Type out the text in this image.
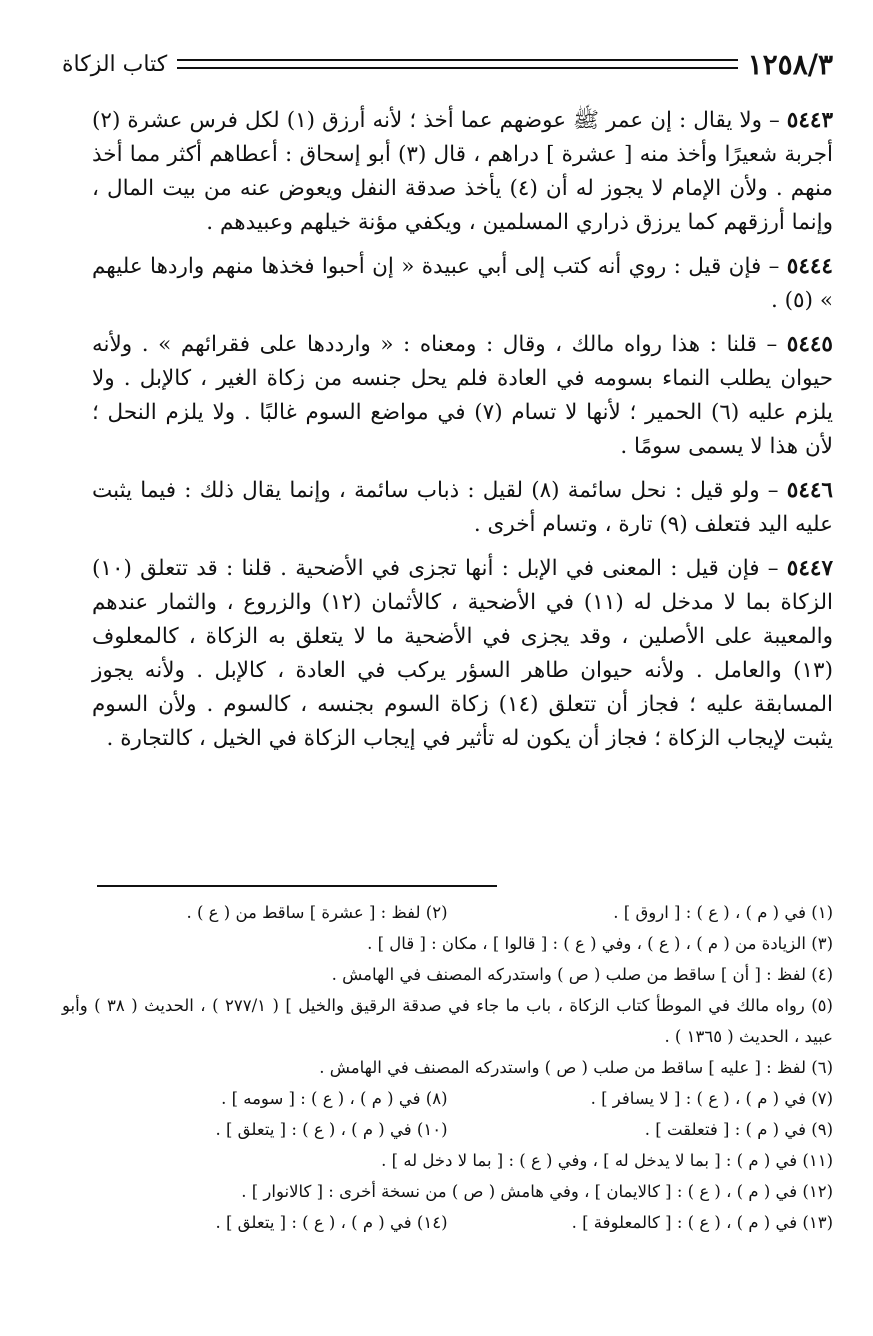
١٢٥٨/٣
كتاب الزكاة

٥٤٤٣ – ولا يقال : إن عمر ﷺ عوضهم عما أخذ ؛ لأنه أرزق (١) لكل فرس عشرة (٢) أجربة شعيرًا وأخذ منه [ عشرة ] دراهم ، قال (٣) أبو إسحاق : أعطاهم أكثر مما أخذ منهم . ولأن الإمام لا يجوز له أن (٤) يأخذ صدقة النفل ويعوض عنه من بيت المال ، وإنما أرزقهم كما يرزق ذراري المسلمين ، ويكفي مؤنة خيلهم وعبيدهم .

٥٤٤٤ – فإن قيل : روي أنه كتب إلى أبي عبيدة « إن أحبوا فخذها منهم واردها عليهم » (٥) .

٥٤٤٥ – قلنا : هذا رواه مالك ، وقال : ومعناه : « وارددها على فقرائهم » . ولأنه حيوان يطلب النماء بسومه في العادة فلم يحل جنسه من زكاة الغير ، كالإبل . ولا يلزم عليه (٦) الحمير ؛ لأنها لا تسام (٧) في مواضع السوم غالبًا . ولا يلزم النحل ؛ لأن هذا لا يسمى سومًا .

٥٤٤٦ – ولو قيل : نحل سائمة (٨) لقيل : ذباب سائمة ، وإنما يقال ذلك : فيما يثبت عليه اليد فتعلف (٩) تارة ، وتسام أخرى .

٥٤٤٧ – فإن قيل : المعنى في الإبل : أنها تجزى في الأضحية . قلنا : قد تتعلق (١٠) الزكاة بما لا مدخل له (١١) في الأضحية ، كالأثمان (١٢) والزروع ، والثمار عندهم والمعيبة على الأصلين ، وقد يجزى في الأضحية ما لا يتعلق به الزكاة ، كالمعلوف (١٣) والعامل . ولأنه حيوان طاهر السؤر يركب في العادة ، كالإبل . ولأنه يجوز المسابقة عليه ؛ فجاز أن تتعلق (١٤) زكاة السوم بجنسه ، كالسوم . ولأن السوم يثبت لإيجاب الزكاة ؛ فجاز أن يكون له تأثير في إيجاب الزكاة في الخيل ، كالتجارة .

(١) في ( م ) ، ( ع ) : [ اروق ] .
(٢) لفظ : [ عشرة ] ساقط من ( ع ) .
(٣) الزيادة من ( م ) ، ( ع ) ، وفي ( ع ) : [ قالوا ] ، مكان : [ قال ] .
(٤) لفظ : [ أن ] ساقط من صلب ( ص ) واستدركه المصنف في الهامش .
(٥) رواه مالك في الموطأ كتاب الزكاة ، باب ما جاء في صدقة الرقيق والخيل ] ( ٢٧٧/١ ) ، الحديث ( ٣٨ ) وأبو عبيد ، الحديث ( ١٣٦٥ ) .
(٦) لفظ : [ عليه ] ساقط من صلب ( ص ) واستدركه المصنف في الهامش .
(٧) في ( م ) ، ( ع ) : [ لا يسافر ] .
(٨) في ( م ) ، ( ع ) : [ سومه ] .
(٩) في ( م ) : [ فتعلقت ] .
(١٠) في ( م ) ، ( ع ) : [ يتعلق ] .
(١١) في ( م ) : [ بما لا يدخل له ] ، وفي ( ع ) : [ بما لا دخل له ] .
(١٢) في ( م ) ، ( ع ) : [ كالايمان ] ، وفي هامش ( ص ) من نسخة أخرى : [ كالانوار ] .
(١٣) في ( م ) ، ( ع ) : [ كالمعلوفة ] .
(١٤) في ( م ) ، ( ع ) : [ يتعلق ] .
